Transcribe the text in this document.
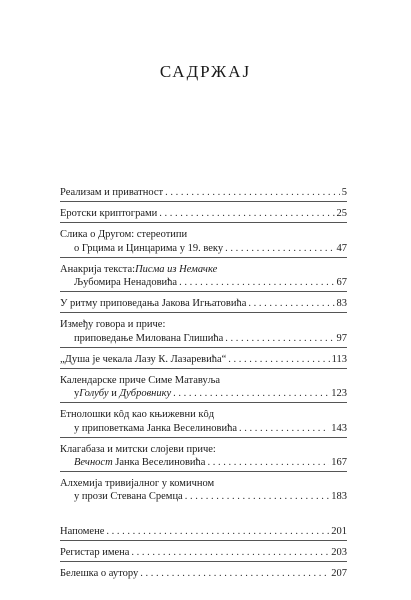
САДРЖАЈ
Реализам и приватност . . .	5
Еротски криптограми . . .	25
Слика о Другом: стереотипи
о Грцима и Цинцарима у 19. веку . . .	47
Анакрија текста: Писма из Немачке
Љубомира Ненадовића . . .	67
У ритму приповедања Јакова Игњатовића . . .	83
Између говора и приче:
приповедање Милована Глишића . . .	97
„Душа је чекала Лазу К. Лазаревића“ . . .	113
Календарске приче Симе Матавуља
у Голубу и Дубровнику . . .	123
Етнолошки кôд као књижевни кôд
у приповеткама Јанка Веселиновића . . .	143
Клагабаза и митски слојеви приче:
Вечност Јанка Веселиновића . . .	167
Алхемија тривијалног у комичном
у прози Стевана Сремца . . .	183
Напомене . . .	201
Регистар имена . . .	203
Белешка о аутору . . .	207
